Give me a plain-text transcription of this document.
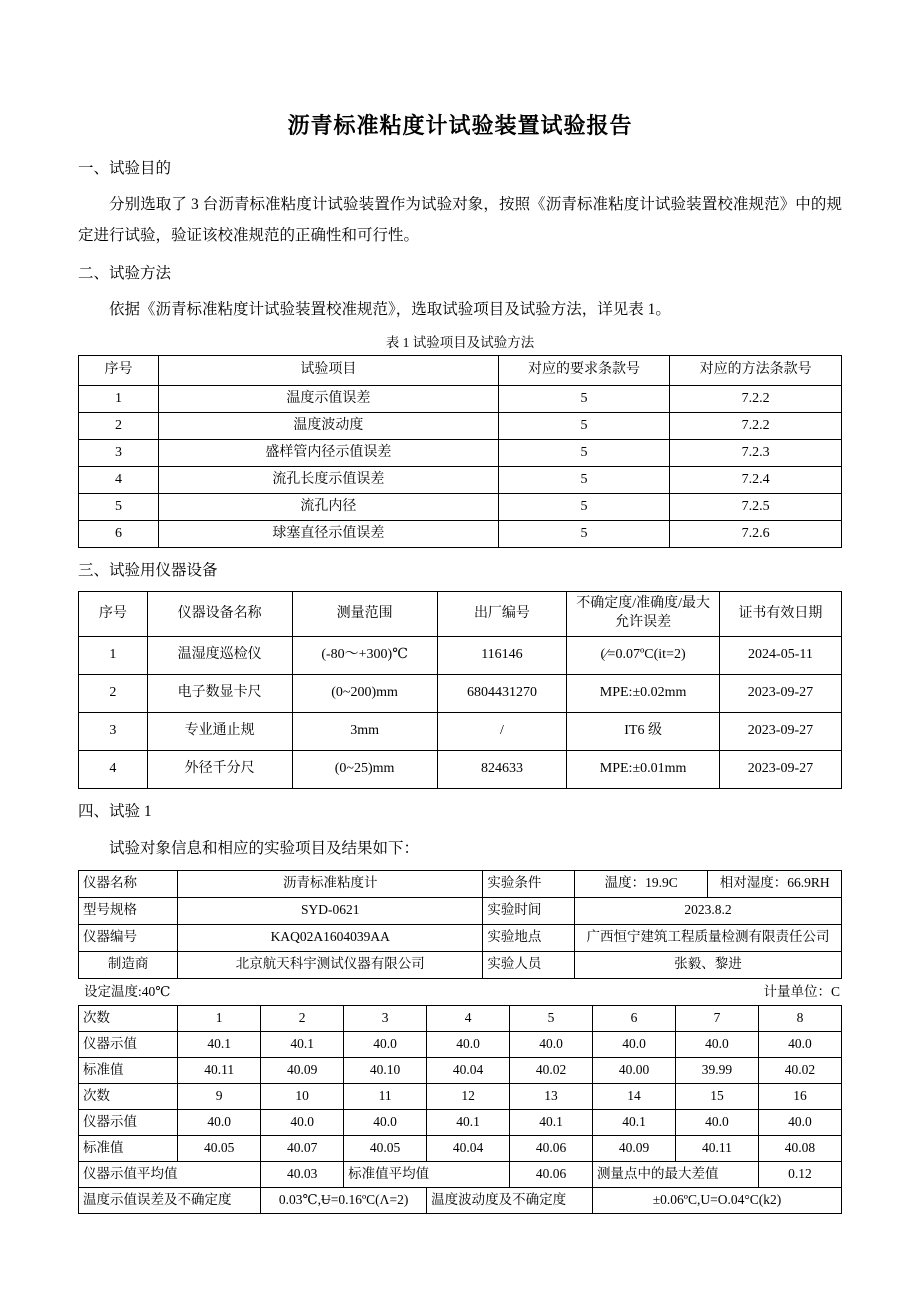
沥青标准粘度计试验装置试验报告
一、试验目的

分别选取了 3 台沥青标准粘度计试验装置作为试验对象，按照《沥青标准粘度计试验装置校准规范》中的规定进行试验，验证该校准规范的正确性和可行性。

二、试验方法

依据《沥青标准粘度计试验装置校准规范》，选取试验项目及试验方法，详见表 1。

表 1 试验项目及试验方法
序号	试验项目	对应的要求条款号	对应的方法条款号
1	温度示值误差	5	7.2.2
2	温度波动度	5	7.2.2
3	盛样管内径示值误差	5	7.2.3
4	流孔长度示值误差	5	7.2.4
5	流孔内径	5	7.2.5
6	球塞直径示值误差	5	7.2.6
三、试验用仪器设备
序号	仪器设备名称	测量范围	出厂编号	不确定度/准确度/最大允许误差	证书有效日期
1	温湿度巡检仪	(-80～+300)℃	116146	(⁄=0.07ºC(it=2)	2024-05-11
2	电子数显卡尺	(0~200)mm	6804431270	MPE:±0.02mm	2023-09-27
3	专业通止规	3mm	/	IT6 级	2023-09-27
4	外径千分尺	(0~25)mm	824633	MPE:±0.01mm	2023-09-27
四、试验 1

试验对象信息和相应的实验项目及结果如下：

仪器名称	沥青标准粘度计	实验条件	温度：19.9C	相对湿度：66.9RH
型号规格	SYD-0621	实验时间	2023.8.2	
仪器编号	KAQ02A1604039AA	实验地点	广西恒宁建筑工程质量检测有限责任公司	
制造商	北京航天科宇测试仪器有限公司	实验人员	张毅、黎进	
设定温度:40℃	计量单位：C
次数	1	2	3	4	5	6	7	8
仪器示值	40.1	40.1	40.0	40.0	40.0	40.0	40.0	40.0
标准值	40.11	40.09	40.10	40.04	40.02	40.00	39.99	40.02
次数	9	10	11	12	13	14	15	16
仪器示值	40.0	40.0	40.0	40.1	40.1	40.1	40.0	40.0
标准值	40.05	40.07	40.05	40.04	40.06	40.09	40.11	40.08
仪器示值平均值		40.03	标准值平均值		40.06	测量点中的最大差值		0.12
温度示值误差及不确定度		0.03℃,Ʉ=0.16ºC(Λ=2)		温度波动度及不确定度		±0.06ºC,U=O.04°C(k2)		
